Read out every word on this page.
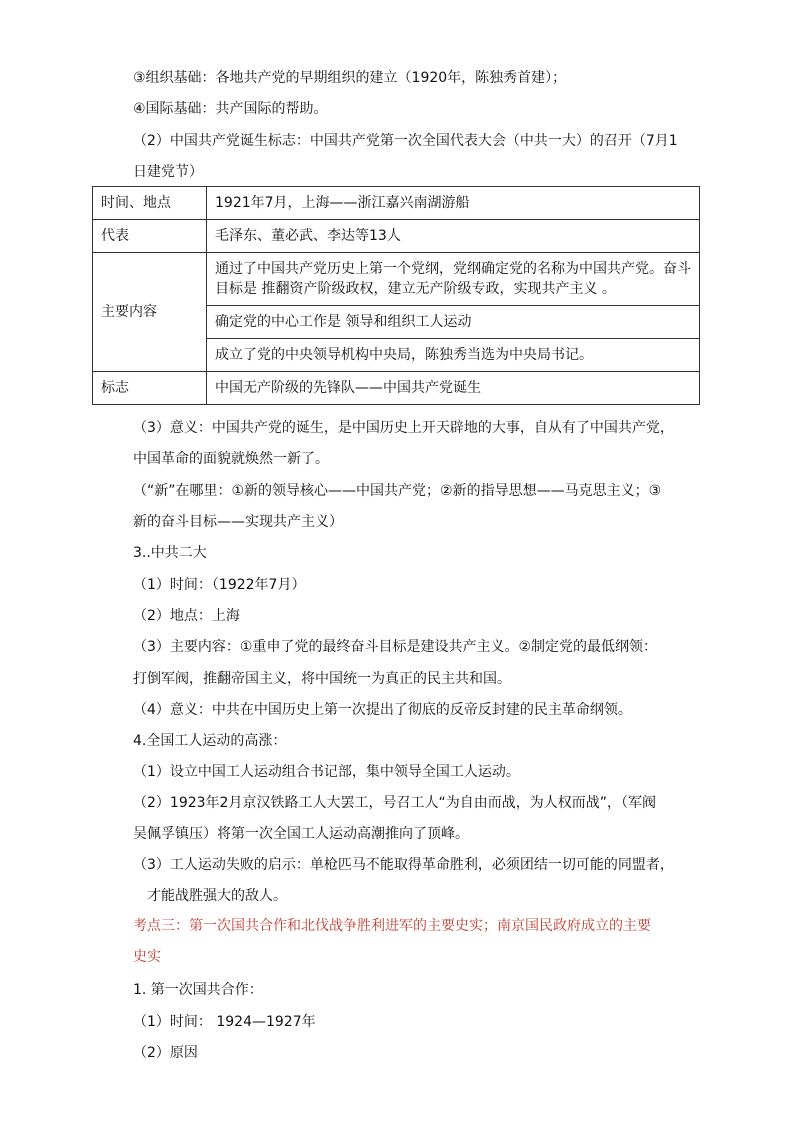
③组织基础：各地共产党的早期组织的建立（1920年，陈独秀首建）；
④国际基础：共产国际的帮助。
（2）中国共产党诞生标志：中国共产党第一次全国代表大会（中共一大）的召开（7月1
日建党节）
时间、地点	1921年7月，上海——浙江嘉兴南湖游船
代表	毛泽东、董必武、李达等13人
主要内容	通过了中国共产党历史上第一个党纲，党纲确定党的名称为中国共产党。奋斗
目标是 推翻资产阶级政权，建立无产阶级专政，实现共产主义 。

	确定党的中心工作是 领导和组织工人运动
	成立了党的中央领导机构中央局，陈独秀当选为中央局书记。
标志	中国无产阶级的先锋队——中国共产党诞生
（3）意义：中国共产党的诞生，是中国历史上开天辟地的大事，自从有了中国共产党，
中国革命的面貌就焕然一新了。
（“新”在哪里：①新的领导核心——中国共产党；②新的指导思想——马克思主义；③
新的奋斗目标——实现共产主义）
3..中共二大
（1）时间：（1922年7月）
（2）地点：上海
（3）主要内容：①重申了党的最终奋斗目标是建设共产主义。②制定党的最低纲领：
打倒军阀，推翻帝国主义，将中国统一为真正的民主共和国。
（4）意义：中共在中国历史上第一次提出了彻底的反帝反封建的民主革命纲领。
4.全国工人运动的高涨：
（1）设立中国工人运动组合书记部，集中领导全国工人运动。
（2）1923年2月京汉铁路工人大罢工，号召工人“为自由而战，为人权而战”，（军阀
吴佩孚镇压）将第一次全国工人运动高潮推向了顶峰。
（3）工人运动失败的启示：单枪匹马不能取得革命胜利，必须团结一切可能的同盟者，
才能战胜强大的敌人。
考点三：第一次国共合作和北伐战争胜利进军的主要史实；南京国民政府成立的主要
史实
1. 第一次国共合作：
（1）时间： 1924—1927年
（2）原因
